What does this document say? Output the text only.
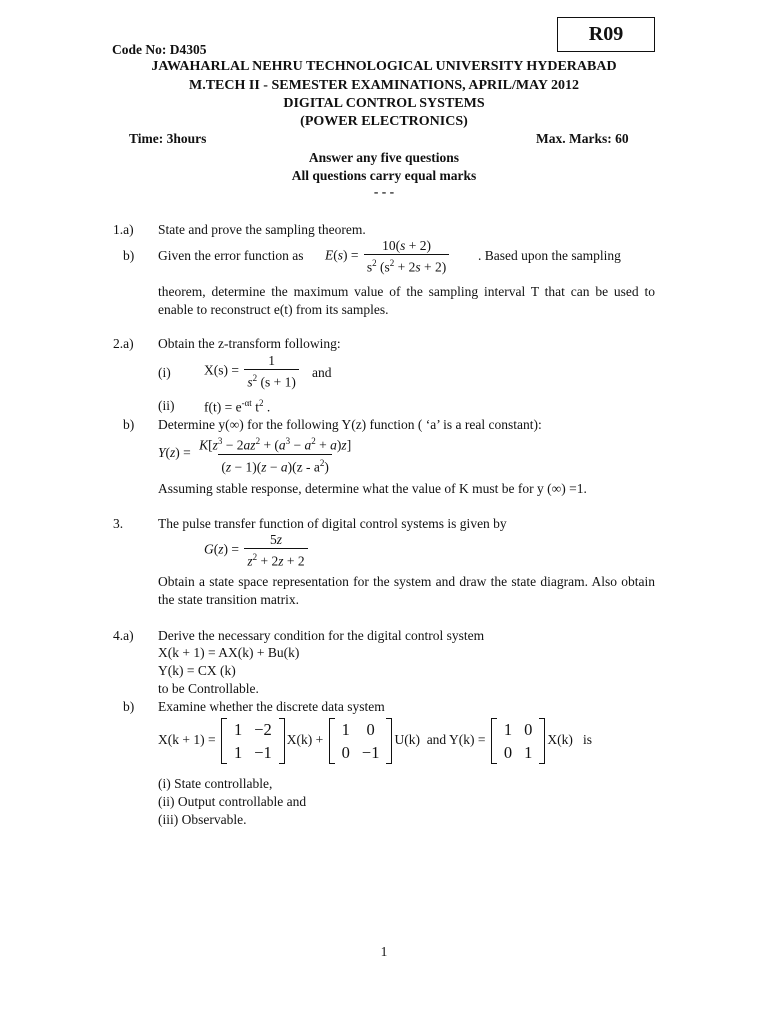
Code No: D4305
R09
JAWAHARLAL NEHRU TECHNOLOGICAL UNIVERSITY HYDERABAD
M.TECH II - SEMESTER EXAMINATIONS, APRIL/MAY 2012
DIGITAL CONTROL SYSTEMS
(POWER ELECTRONICS)
Time: 3hours	Max. Marks: 60
Answer any five questions
All questions carry equal marks
- - -
1.a) State and prove the sampling theorem.
b) Given the error function as $E(s) = \frac{10(s + 2)}{s^2 (s^2 + 2s + 2)}$ . Based upon the sampling
theorem, determine the maximum value of the sampling interval T that can be used to enable to reconstruct e(t) from its samples.
2.a) Obtain the z-transform following:
(i) $X(s) = \frac{1}{s^2 (s + 1)}$ and
(ii) $f(t) = e^{-\alpha t}$ $t^2$ .
b) Determine y(∞) for the following Y(z) function ( ‘a’ is a real constant):
$Y(z) = \frac{K[z^3 - 2az^2 + (a^3 - a^2 + a)z]}{(z - 1)(z - a)(z - a^2)}$
Assuming stable response, determine what the value of K must be for y (∞) =1.
3.	The pulse transfer function of digital control systems is given by
$G(z) = \frac{5z}{z^2 + 2z + 2}$
Obtain a state space representation for the system and draw the state diagram. Also obtain the state transition matrix.
4.a) Derive the necessary condition for the digital control system
X(k + 1) = AX(k) + Bu(k)
Y(k) = CX (k)
to be Controllable.
b) Examine whether the discrete data system
X(k + 1) =
1	−2
1	−1
X(k) +
1	0
0	−1
U(k)  and Y(k) =
1	0
0	1
X(k)   is
(i) State controllable,
(ii) Output controllable and
(iii) Observable.
1
